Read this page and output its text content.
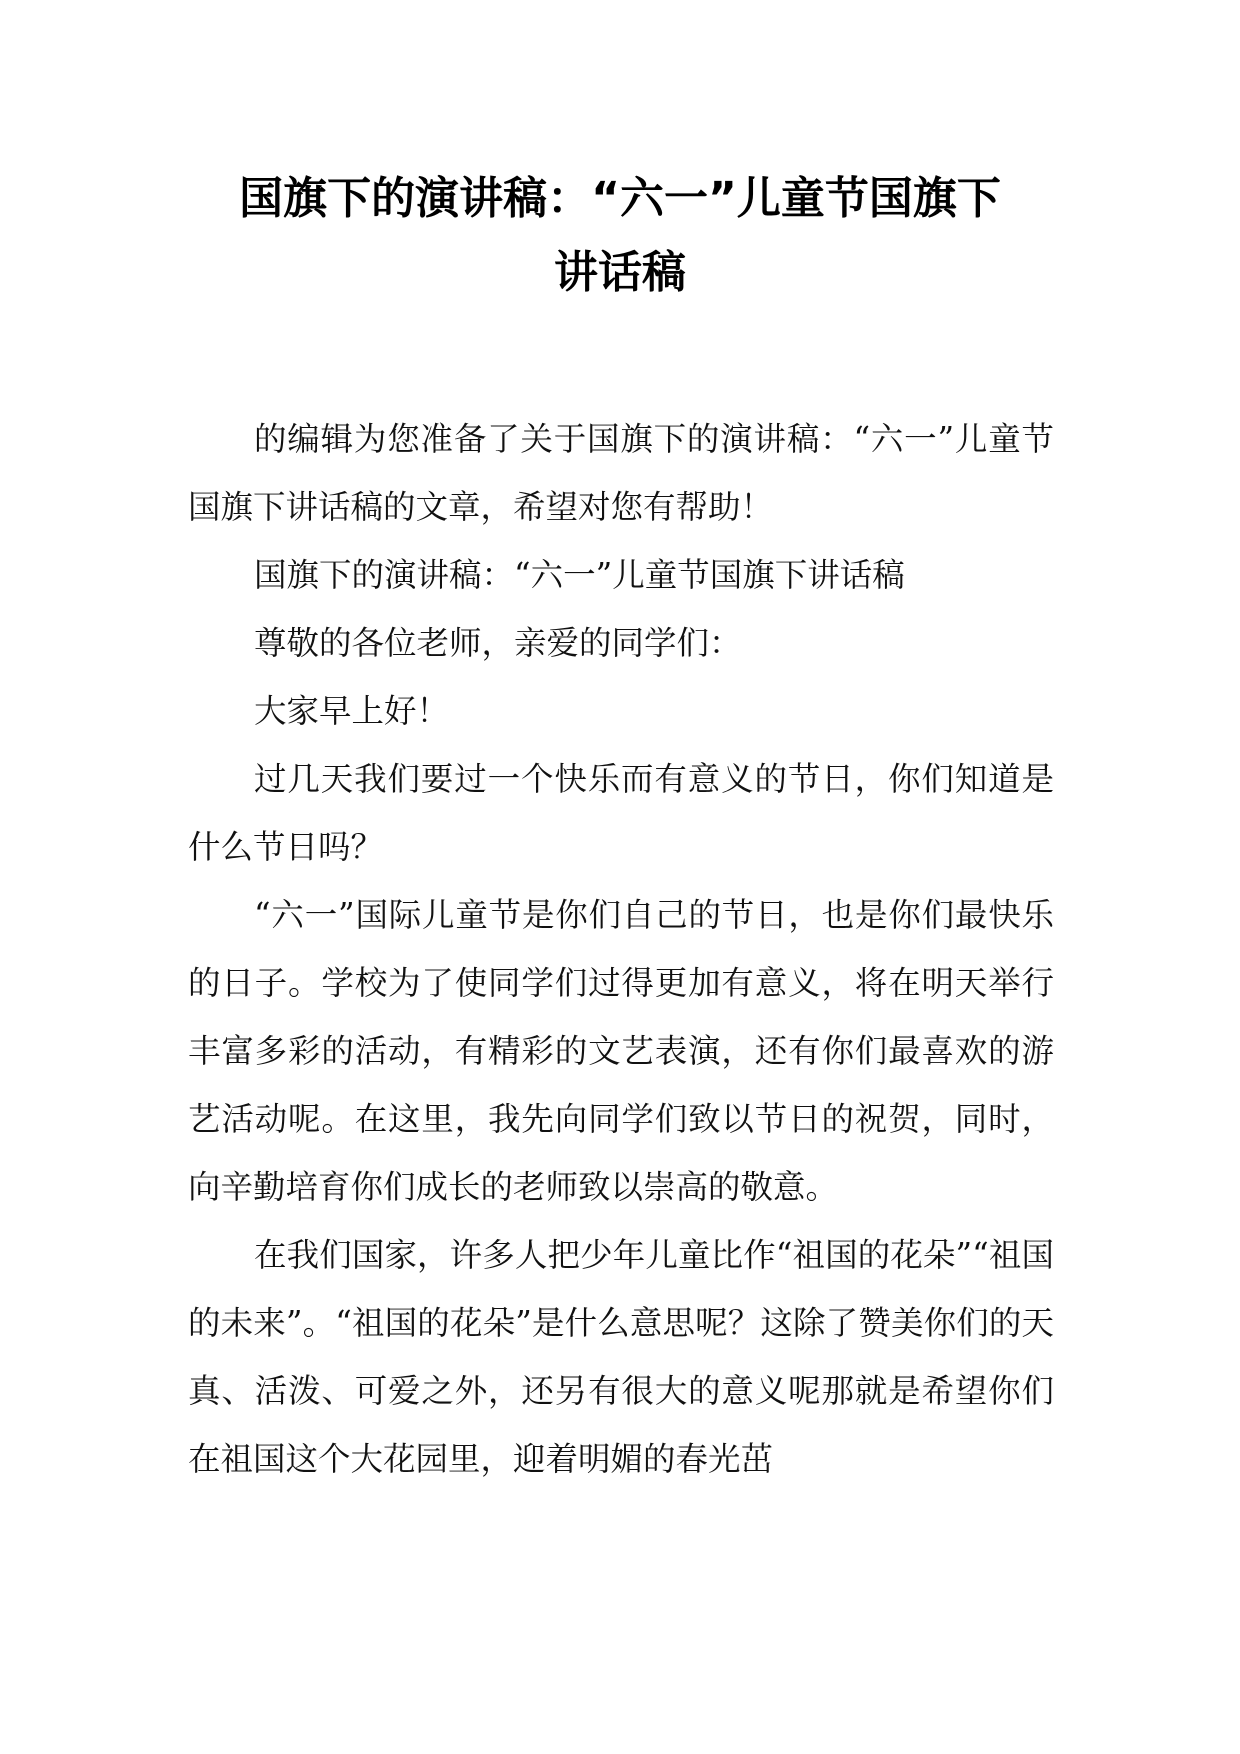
国旗下的演讲稿：“六一”儿童节国旗下
讲话稿

的编辑为您准备了关于国旗下的演讲稿：“六一”儿童节国旗下讲话稿的文章，希望对您有帮助！

国旗下的演讲稿：“六一”儿童节国旗下讲话稿

尊敬的各位老师，亲爱的同学们：

大家早上好！

过几天我们要过一个快乐而有意义的节日，你们知道是什么节日吗？

“六一”国际儿童节是你们自己的节日，也是你们最快乐的日子。学校为了使同学们过得更加有意义，将在明天举行丰富多彩的活动，有精彩的文艺表演，还有你们最喜欢的游艺活动呢。在这里，我先向同学们致以节日的祝贺，同时，向辛勤培育你们成长的老师致以崇高的敬意。

在我们国家，许多人把少年儿童比作“祖国的花朵”“祖国的未来”。“祖国的花朵”是什么意思呢？这除了赞美你们的天真、活泼、可爱之外，还另有很大的意义呢那就是希望你们在祖国这个大花园里，迎着明媚的春光茁
